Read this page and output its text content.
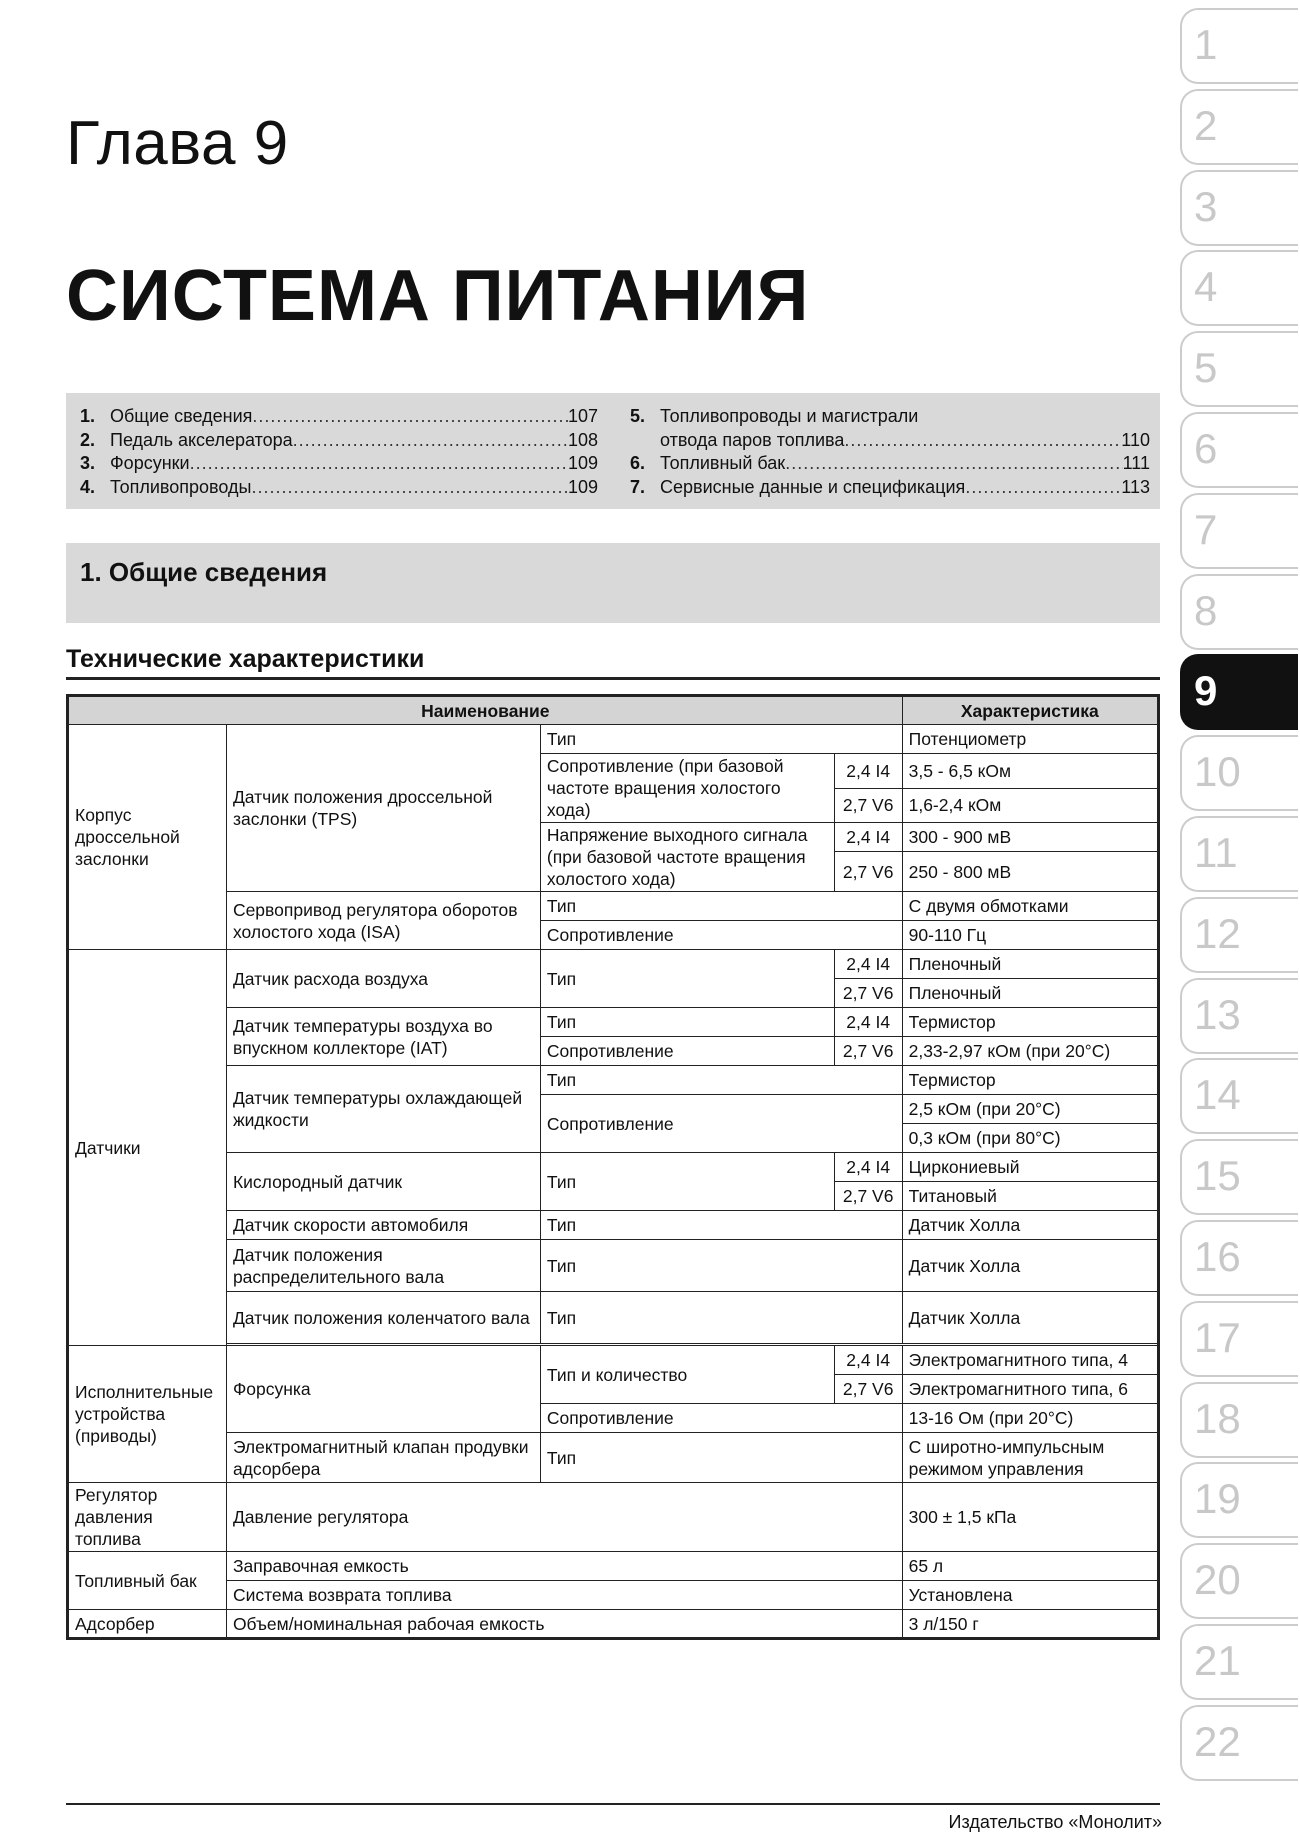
Глава 9
СИСТЕМА ПИТАНИЯ
1. Общие сведения .....	107
2. Педаль акселератора .....	108
3. Форсунки .....	109
4. Топливопроводы .....	109
5. Топливопроводы и магистрали
отвода паров топлива .....	110
6. Топливный бак .....	111
7. Сервисные данные и спецификация .....	113
1. Общие сведения
Технические характеристики
Наименование				Характеристика
Корпус дроссельной заслонки	Датчик положения дроссельной заслонки (TPS)	Тип		Потенциометр
		Сопротивление (при базовой частоте вращения холостого хода)	2,4 I4	3,5 - 6,5 кОм
			2,7 V6	1,6-2,4 кОм
		Напряжение выходного сигнала (при базовой частоте вращения холостого хода)	2,4 I4	300 - 900 мВ
			2,7 V6	250 - 800 мВ

	Сервопривод регулятора оборотов холостого хода (ISA)	Тип		С двумя обмотками
		Сопротивление		90-110 Гц
Датчики	Датчик расхода воздуха	Тип	2,4 I4	Пленочный
			2,7 V6	Пленочный
	Датчик температуры воздуха во впускном коллекторе (IAT)	Тип	2,4 I4	Термистор
		Сопротивление	2,7 V6	2,33-2,97 кОм (при 20°С)
	Датчик температуры охлаждающей жидкости	Тип		Термистор
		Сопротивление		2,5 кОм (при 20°С)
				0,3 кОм (при 80°С)
	Кислородный датчик	Тип	2,4 I4	Циркониевый
			2,7 V6	Титановый
	Датчик скорости автомобиля	Тип		Датчик Холла
	Датчик положения распределительного вала	Тип		Датчик Холла
	Датчик положения коленчатого вала	Тип		Датчик Холла

Исполнительные устройства (приводы)	Форсунка	Тип и количество	2,4 I4	Электромагнитного типа, 4
			2,7 V6	Электромагнитного типа, 6
		Сопротивление		13-16 Ом (при 20°С)
	Электромагнитный клапан продувки адсорбера	Тип		С широтно-импульсным режимом управления
Регулятор давления топлива	Давление регулятора			300 ± 1,5 кПа
Топливный бак	Заправочная емкость			65 л
	Система возврата топлива			Установлена
Адсорбер	Объем/номинальная рабочая емкость			3 л/150 г
1
2
3
4
5
6
7
8
9
10
11
12
13
14
15
16
17
18
19
20
21
22
Издательство «Монолит»
